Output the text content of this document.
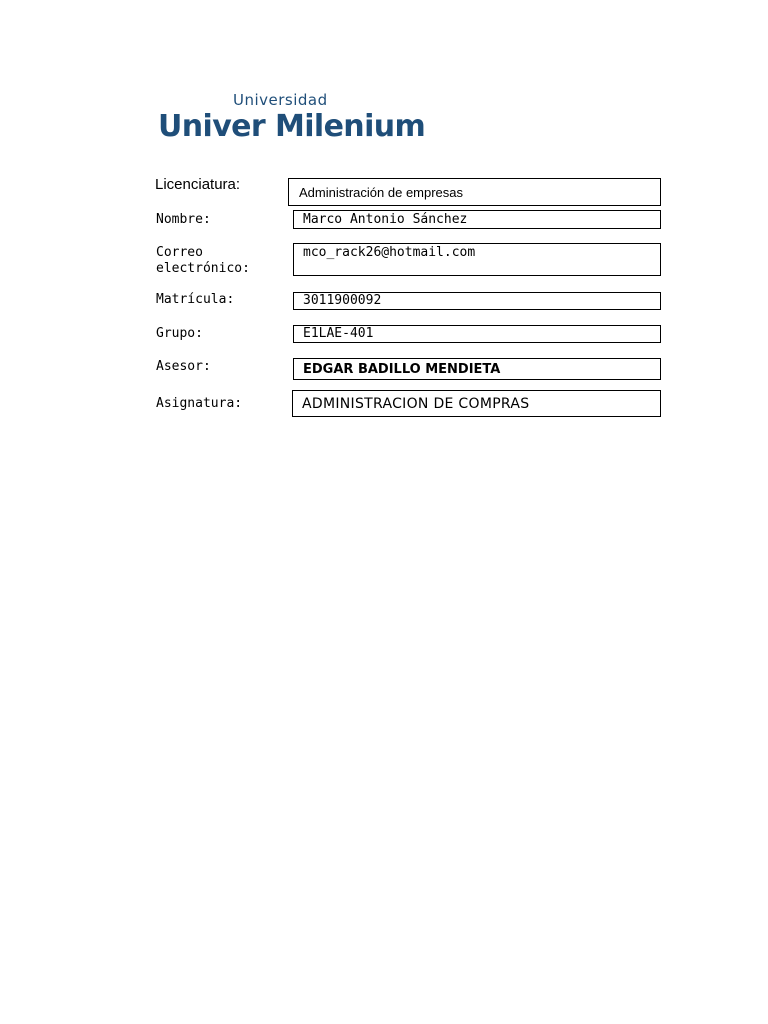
Universidad
Univer Milenium
Licenciatura:	Administración de empresas
Nombre:	Marco Antonio Sánchez
Correo
electrónico:
mco_rack26@hotmail.com
Matrícula:	3011900092
Grupo:	E1LAE-401
Asesor:	EDGAR BADILLO MENDIETA
Asignatura:	ADMINISTRACION DE COMPRAS
